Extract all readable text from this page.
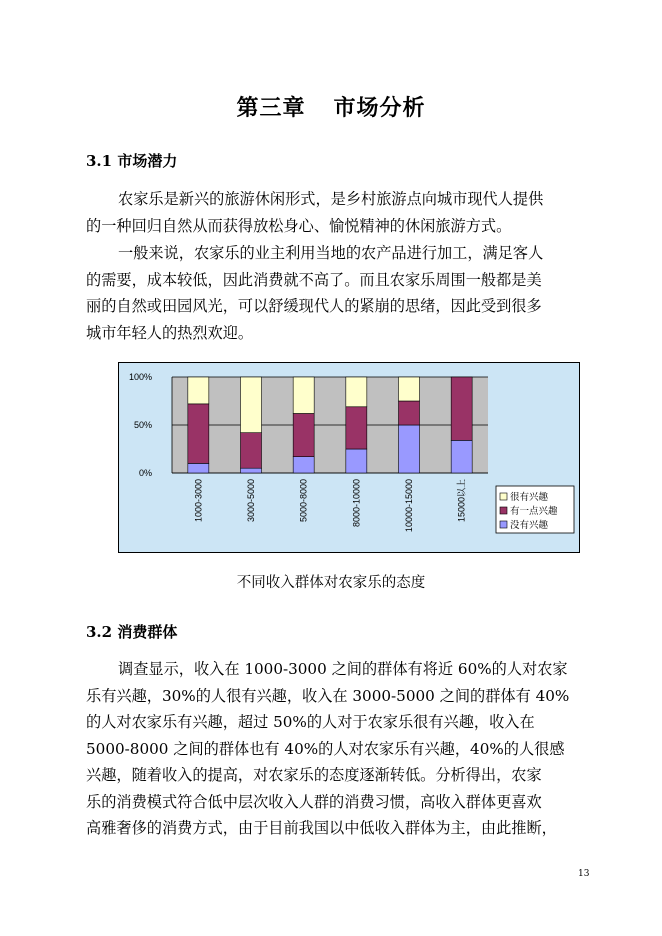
第三章 市场分析
3.1 市场潜力
农家乐是新兴的旅游休闲形式，是乡村旅游点向城市现代人提供
的一种回归自然从而获得放松身心、愉悦精神的休闲旅游方式。
一般来说，农家乐的业主利用当地的农产品进行加工，满足客人
的需要，成本较低，因此消费就不高了。而且农家乐周围一般都是美
丽的自然或田园风光，可以舒缓现代人的紧崩的思绪，因此受到很多
城市年轻人的热烈欢迎。
0%
50%
100%
1000-3000	3000-5000	5000-8000	8000-10000	10000-15000	15000以上	很有兴趣
有一点兴趣
没有兴趣
不同收入群体对农家乐的态度
3.2 消费群体
调查显示，收入在 1000-3000 之间的群体有将近 60%的人对农家
乐有兴趣，30%的人很有兴趣，收入在 3000-5000 之间的群体有 40%
的人对农家乐有兴趣，超过 50%的人对于农家乐很有兴趣，收入在
5000-8000 之间的群体也有 40%的人对农家乐有兴趣，40%的人很感
兴趣，随着收入的提高，对农家乐的态度逐渐转低。分析得出，农家
乐的消费模式符合低中层次收入人群的消费习惯，高收入群体更喜欢
高雅奢侈的消费方式，由于目前我国以中低收入群体为主，由此推断，
13
